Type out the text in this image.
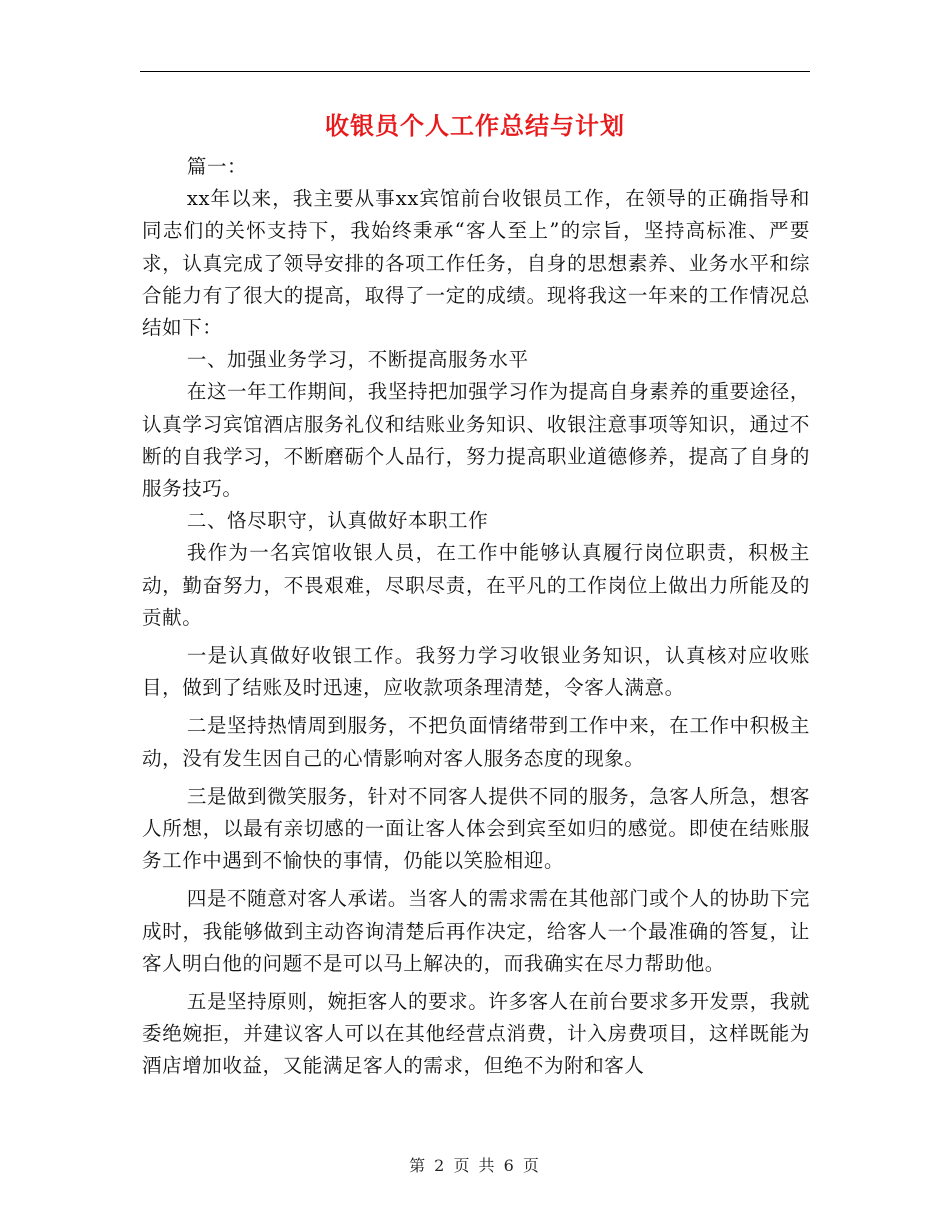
收银员个人工作总结与计划

篇一：

xx年以来，我主要从事xx宾馆前台收银员工作，在领导的正确指导和同志们的关怀支持下，我始终秉承“客人至上”的宗旨，坚持高标准、严要求，认真完成了领导安排的各项工作任务，自身的思想素养、业务水平和综合能力有了很大的提高，取得了一定的成绩。现将我这一年来的工作情况总结如下：

一、加强业务学习，不断提高服务水平

在这一年工作期间，我坚持把加强学习作为提高自身素养的重要途径，认真学习宾馆酒店服务礼仪和结账业务知识、收银注意事项等知识，通过不断的自我学习，不断磨砺个人品行，努力提高职业道德修养，提高了自身的服务技巧。

二、恪尽职守，认真做好本职工作

我作为一名宾馆收银人员，在工作中能够认真履行岗位职责，积极主动，勤奋努力，不畏艰难，尽职尽责，在平凡的工作岗位上做出力所能及的贡献。

一是认真做好收银工作。我努力学习收银业务知识，认真核对应收账目，做到了结账及时迅速，应收款项条理清楚，令客人满意。

二是坚持热情周到服务，不把负面情绪带到工作中来，在工作中积极主动，没有发生因自己的心情影响对客人服务态度的现象。

三是做到微笑服务，针对不同客人提供不同的服务，急客人所急，想客人所想，以最有亲切感的一面让客人体会到宾至如归的感觉。即使在结账服务工作中遇到不愉快的事情，仍能以笑脸相迎。

四是不随意对客人承诺。当客人的需求需在其他部门或个人的协助下完成时，我能够做到主动咨询清楚后再作决定，给客人一个最准确的答复，让客人明白他的问题不是可以马上解决的，而我确实在尽力帮助他。

五是坚持原则，婉拒客人的要求。许多客人在前台要求多开发票，我就委绝婉拒，并建议客人可以在其他经营点消费，计入房费项目，这样既能为酒店增加收益，又能满足客人的需求，但绝不为附和客人

第 2 页 共 6 页
